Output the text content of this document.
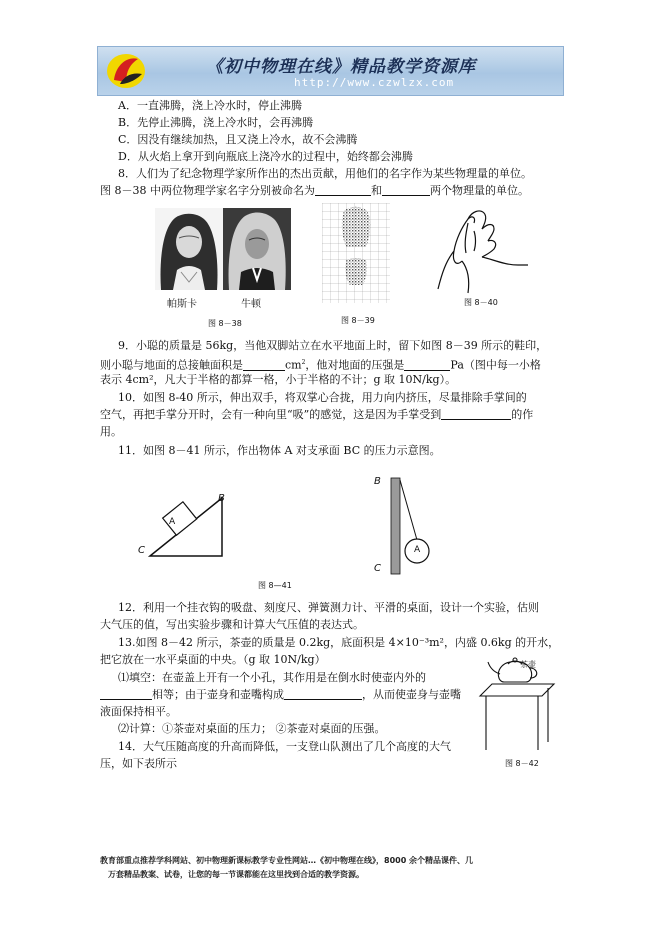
《初中物理在线》精品教学资源库
http://www.czwlzx.com
A．一直沸腾，浇上冷水时，停止沸腾
B．先停止沸腾，浇上冷水时，会再沸腾
C．因没有继续加热，且又浇上冷水，故不会沸腾
D．从火焰上拿开到向瓶底上浇冷水的过程中，始终都会沸腾
8．人们为了纪念物理学家所作出的杰出贡献，用他们的名字作为某些物理量的单位。
图 8－38 中两位物理学家名字分别被命名为	和	两个物理量的单位。
帕斯卡	牛顿
图 8－38	图 8－39
图 8－40
9．小聪的质量是 56kg，当他双脚站立在水平地面上时，留下如图 8－39 所示的鞋印，
则小聪与地面的总接触面积是	$cm^2$，他对地面的压强是	Pa（图中每一小格
表示 4cm²，凡大于半格的都算一格，小于半格的不计；g 取 10N/kg）。
10．如图 8-40 所示，伸出双手，将双掌心合拢，用力向内挤压，尽量排除手掌间的
空气，再把手掌分开时，会有一种向里“吸”的感觉，这是因为手掌受到	的作
用。
11．如图 8－41 所示，作出物体 A 对支承面 BC 的压力示意图。
A
B
C
B
C
A
图 8—41
12．利用一个挂衣钩的吸盘、刻度尺、弹簧测力计、平滑的桌面，设计一个实验，估则
大气压的值，写出实验步骤和计算大气压值的表达式。
13.如图 8－42 所示，茶壶的质量是 0.2kg，底面积是 4×10⁻³m²，内盛 0.6kg 的开水，
把它放在一水平桌面的中央。（g 取 10N/kg）
⑴填空：在壶盖上开有一个小孔，其作用是在倒水时使壶内外的
相等；由于壶身和壶嘴构成	，从而使壶身与壶嘴
液面保持相平。
⑵计算：①茶壶对桌面的压力； ②茶壶对桌面的压强。
茶壶
图 8－42
14．大气压随高度的升高而降低，一支登山队测出了几个高度的大气
压，如下表所示
教育部重点推荐学科网站、初中物理新课标教学专业性网站…《初中物理在线》，8000 余个精品课件、几
万套精品教案、试卷，让您的每一节课都能在这里找到合适的教学资源。
